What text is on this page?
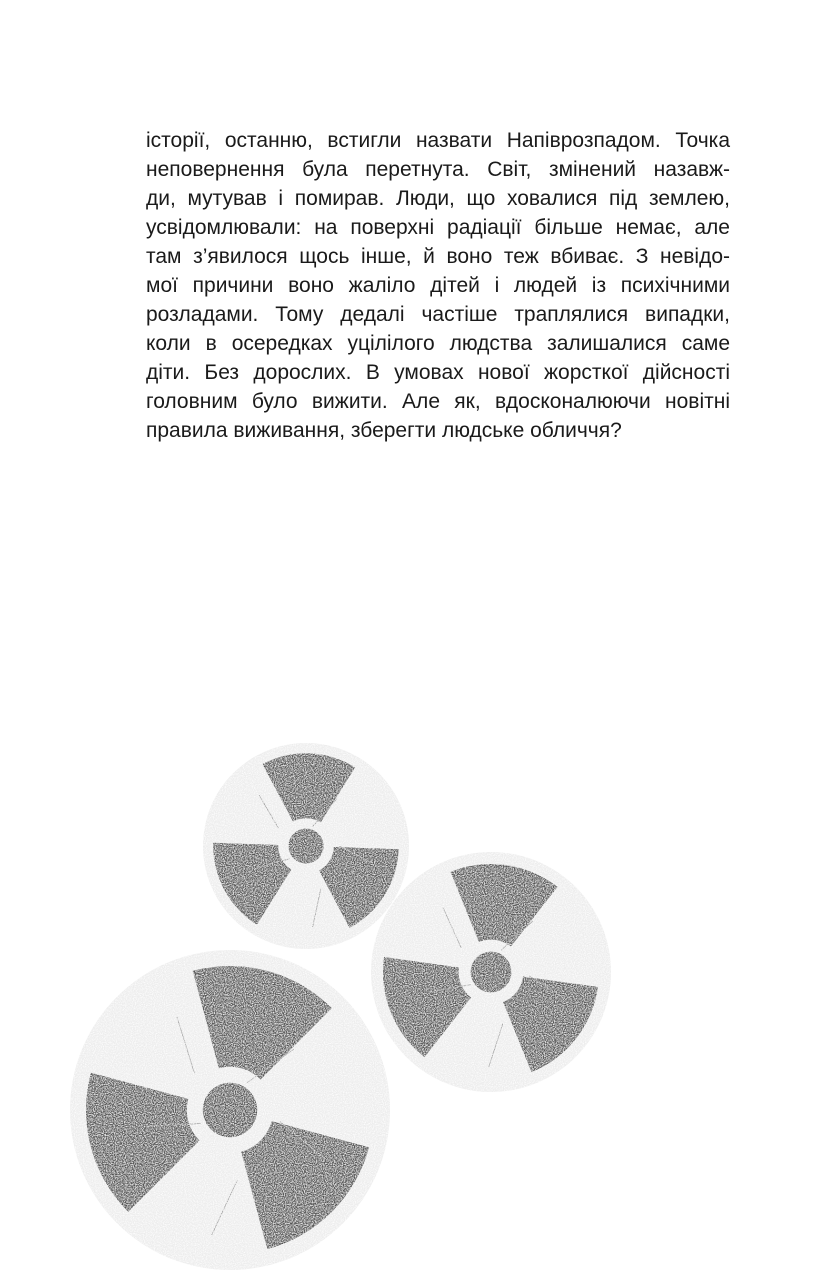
історії, останню, встигли назвати Напіврозпадом. Точка
неповернення була перетнута. Світ, змінений назавж-
ди, мутував і помирав. Люди, що ховалися під землею,
усвідомлювали: на поверхні радіації більше немає, але
там з’явилося щось інше, й воно теж вбиває. З невідо-
мої причини воно жаліло дітей і людей із психічними
розладами. Тому дедалі частіше траплялися випадки,
коли в осередках уцілілого людства залишалися саме
діти. Без дорослих. В умовах нової жорсткої дійсності
головним було вижити. Але як, вдосконалюючи новітні
правила виживання, зберегти людське обличчя?
